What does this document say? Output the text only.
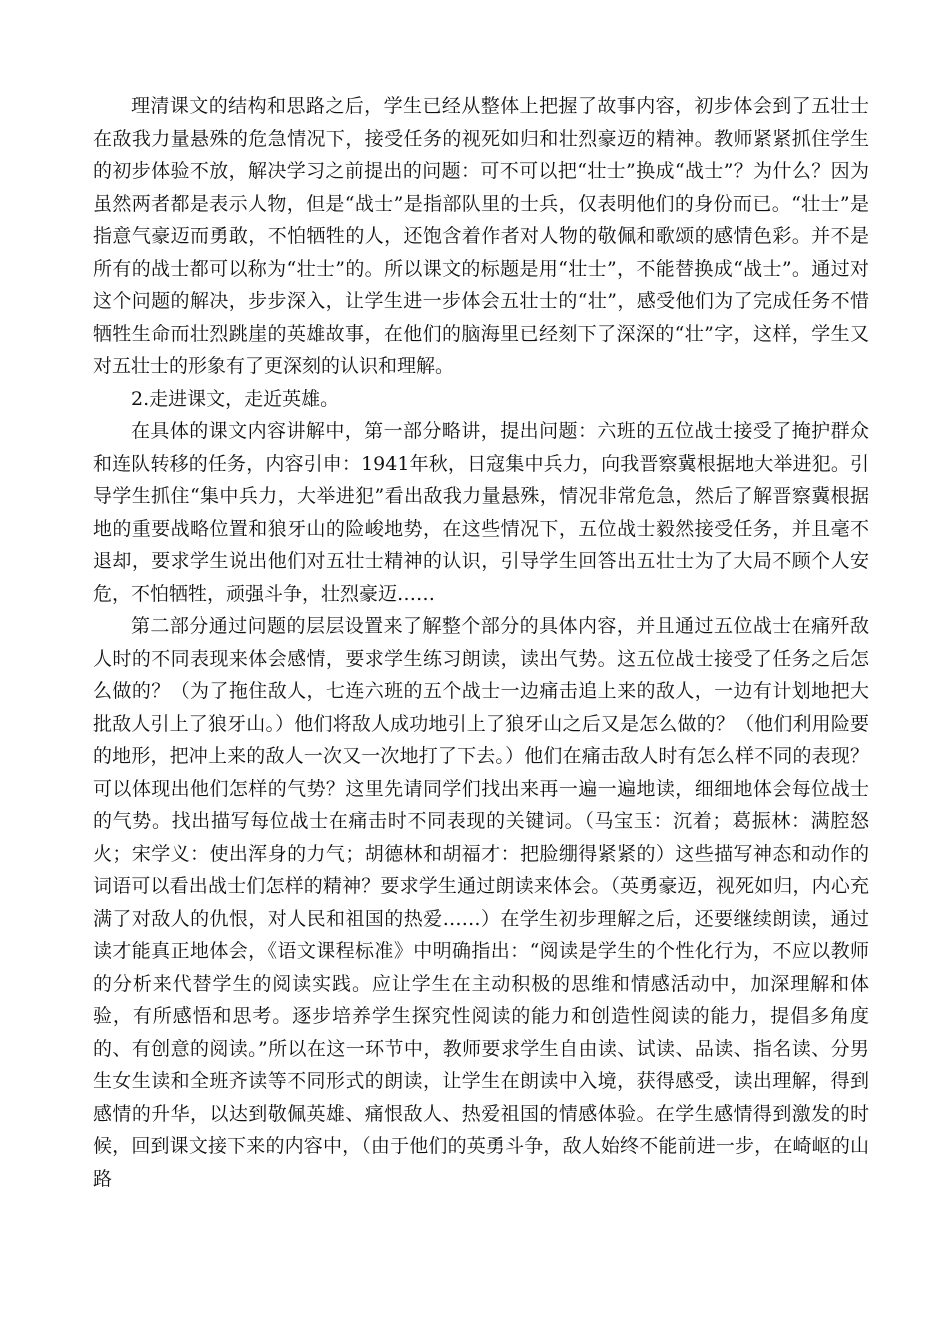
理清课文的结构和思路之后，学生已经从整体上把握了故事内容，初步体会到了五壮士在敌我力量悬殊的危急情况下，接受任务的视死如归和壮烈豪迈的精神。教师紧紧抓住学生的初步体验不放，解决学习之前提出的问题：可不可以把“壮士”换成“战士”？为什么？因为虽然两者都是表示人物，但是“战士”是指部队里的士兵，仅表明他们的身份而已。“壮士”是指意气豪迈而勇敢，不怕牺牲的人，还饱含着作者对人物的敬佩和歌颂的感情色彩。并不是所有的战士都可以称为“壮士”的。所以课文的标题是用“壮士”，不能替换成“战士”。通过对这个问题的解决，步步深入，让学生进一步体会五壮士的“壮”，感受他们为了完成任务不惜牺牲生命而壮烈跳崖的英雄故事，在他们的脑海里已经刻下了深深的“壮”字，这样，学生又对五壮士的形象有了更深刻的认识和理解。

2.走进课文，走近英雄。

在具体的课文内容讲解中，第一部分略讲，提出问题：六班的五位战士接受了掩护群众和连队转移的任务，内容引申：1941年秋，日寇集中兵力，向我晋察冀根据地大举进犯。引导学生抓住“集中兵力，大举进犯”看出敌我力量悬殊，情况非常危急，然后了解晋察冀根据地的重要战略位置和狼牙山的险峻地势，在这些情况下，五位战士毅然接受任务，并且毫不退却，要求学生说出他们对五壮士精神的认识，引导学生回答出五壮士为了大局不顾个人安危，不怕牺牲，顽强斗争，壮烈豪迈……

第二部分通过问题的层层设置来了解整个部分的具体内容，并且通过五位战士在痛歼敌人时的不同表现来体会感情，要求学生练习朗读，读出气势。这五位战士接受了任务之后怎么做的？（为了拖住敌人，七连六班的五个战士一边痛击追上来的敌人，一边有计划地把大批敌人引上了狼牙山。）他们将敌人成功地引上了狼牙山之后又是怎么做的？（他们利用险要的地形，把冲上来的敌人一次又一次地打了下去。）他们在痛击敌人时有怎么样不同的表现？可以体现出他们怎样的气势？这里先请同学们找出来再一遍一遍地读，细细地体会每位战士的气势。找出描写每位战士在痛击时不同表现的关键词。（马宝玉：沉着；葛振林：满腔怒火；宋学义：使出浑身的力气；胡德林和胡福才：把脸绷得紧紧的）这些描写神态和动作的词语可以看出战士们怎样的精神？要求学生通过朗读来体会。（英勇豪迈，视死如归，内心充满了对敌人的仇恨，对人民和祖国的热爱……）在学生初步理解之后，还要继续朗读，通过读才能真正地体会，《语文课程标准》中明确指出：“阅读是学生的个性化行为，不应以教师的分析来代替学生的阅读实践。应让学生在主动积极的思维和情感活动中，加深理解和体验，有所感悟和思考。逐步培养学生探究性阅读的能力和创造性阅读的能力，提倡多角度的、有创意的阅读。”所以在这一环节中，教师要求学生自由读、试读、品读、指名读、分男生女生读和全班齐读等不同形式的朗读，让学生在朗读中入境，获得感受，读出理解，得到感情的升华，以达到敬佩英雄、痛恨敌人、热爱祖国的情感体验。在学生感情得到激发的时候，回到课文接下来的内容中，（由于他们的英勇斗争，敌人始终不能前进一步，在崎岖的山路
